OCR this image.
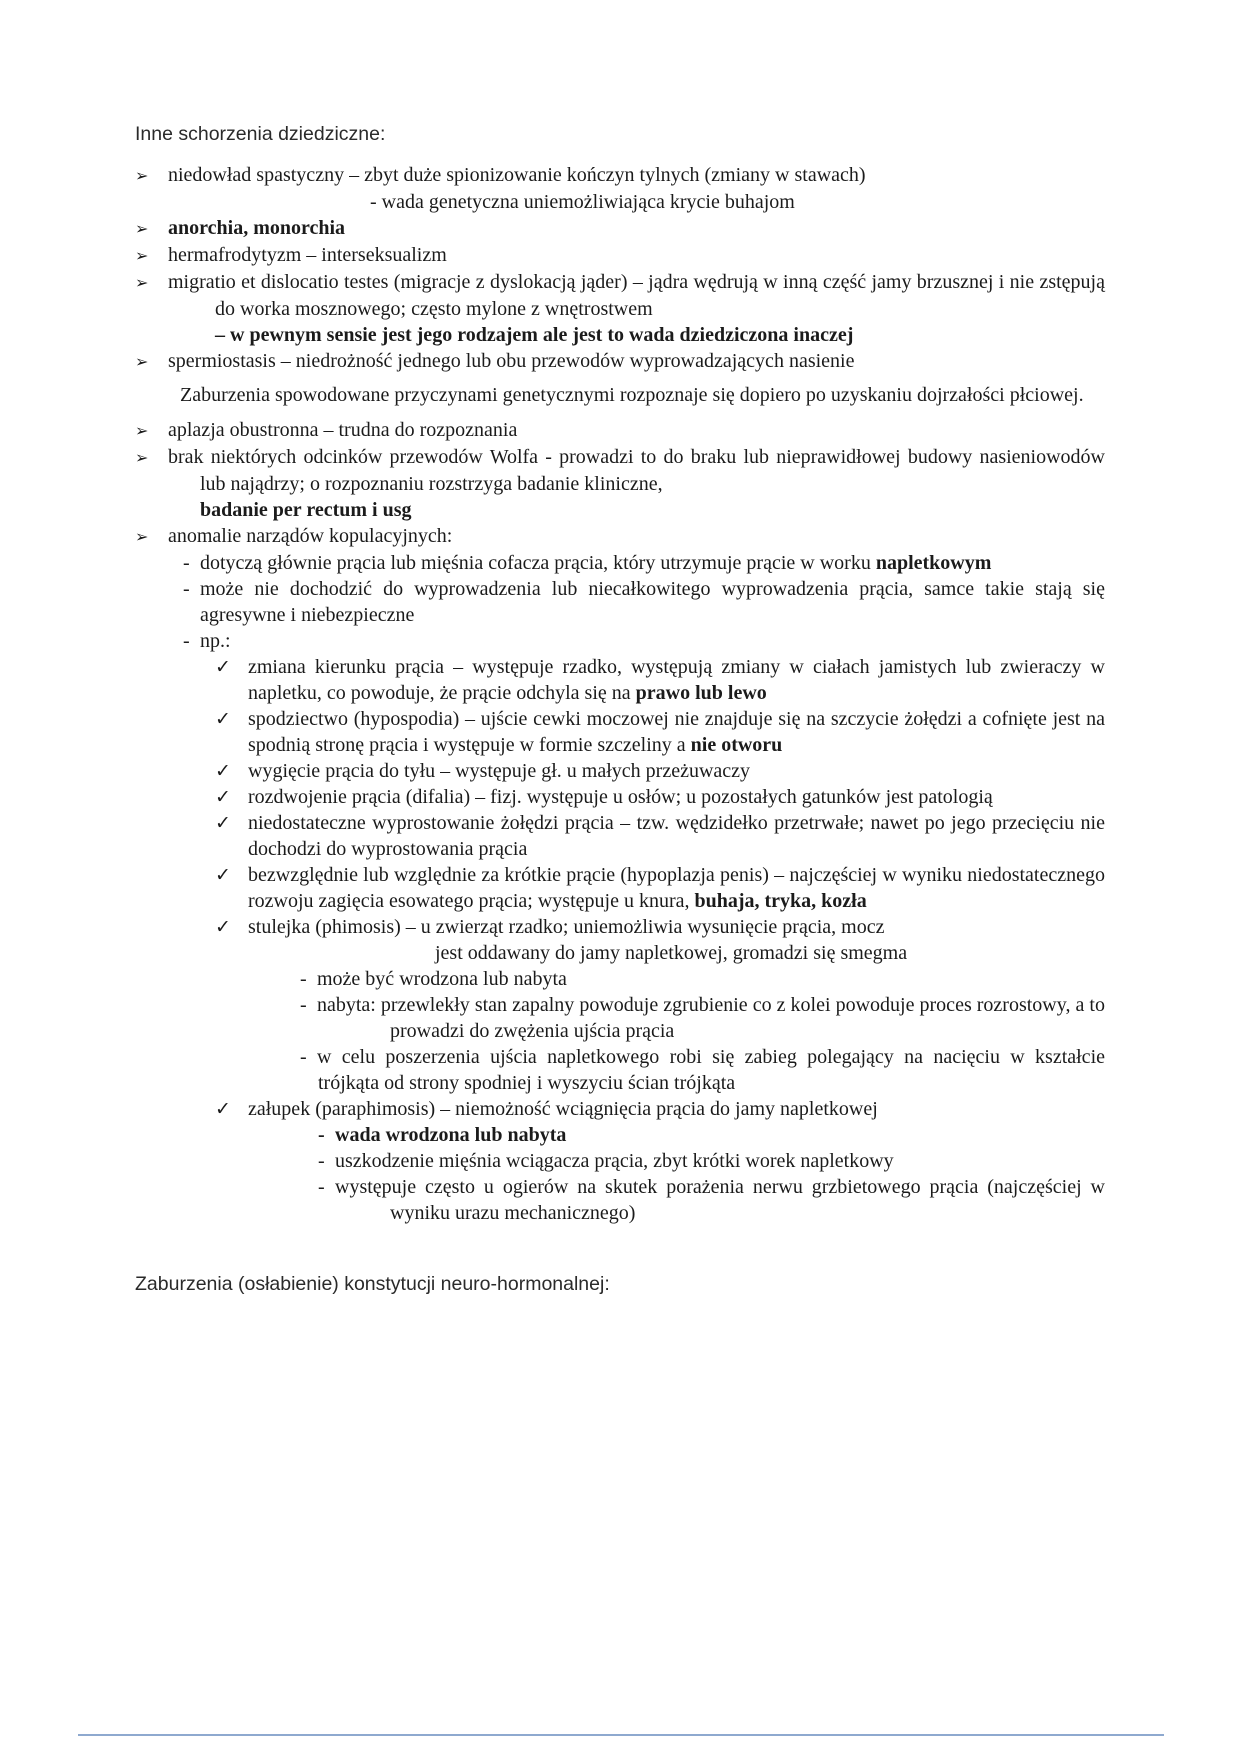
Inne schorzenia dziedziczne:
➢ niedowład spastyczny – zbyt duże spionizowanie kończyn tylnych (zmiany w stawach)
- wada genetyczna uniemożliwiająca krycie buhajom
➢ anorchia, monorchia
➢ hermafrodytyzm – interseksualizm
➢ migratio et dislocatio testes (migracje z dyslokacją jąder) – jądra wędrują w inną część jamy brzusznej i nie zstępują do worka mosznowego; często mylone z wnętrostwem
– w pewnym sensie jest jego rodzajem ale jest to wada dziedziczona inaczej
➢ spermiostasis – niedrożność jednego lub obu przewodów wyprowadzających nasienie
Zaburzenia spowodowane przyczynami genetycznymi rozpoznaje się dopiero po uzyskaniu dojrzałości płciowej.
➢ aplazja obustronna – trudna do rozpoznania
➢ brak niektórych odcinków przewodów Wolfa - prowadzi to do braku lub nieprawidłowej budowy nasieniowodów lub najądrzy; o rozpoznaniu rozstrzyga badanie kliniczne,
badanie per rectum i usg
➢ anomalie narządów kopulacyjnych:
- dotyczą głównie prącia lub mięśnia cofacza prącia, który utrzymuje prącie w worku napletkowym
- może nie dochodzić do wyprowadzenia lub niecałkowitego wyprowadzenia prącia, samce takie stają się agresywne i niebezpieczne
- np.:
✓ zmiana kierunku prącia – występuje rzadko, występują zmiany w ciałach jamistych lub zwieraczy w napletku, co powoduje, że prącie odchyla się na prawo lub lewo
✓ spodziectwo (hypospodia) – ujście cewki moczowej nie znajduje się na szczycie żołędzi a cofnięte jest na spodnią stronę prącia i występuje w formie szczeliny a nie otworu
✓ wygięcie prącia do tyłu – występuje gł. u małych przeżuwaczy
✓ rozdwojenie prącia (difalia) – fizj. występuje u osłów; u pozostałych gatunków jest patologią
✓ niedostateczne wyprostowanie żołędzi prącia – tzw. wędzidełko przetrwałe; nawet po jego przecięciu nie dochodzi do wyprostowania prącia
✓ bezwzględnie lub względnie za krótkie prącie (hypoplazja penis) – najczęściej w wyniku niedostatecznego rozwoju zagięcia esowatego prącia; występuje u knura, buhaja, tryka, kozła
✓ stulejka (phimosis) – u zwierząt rzadko; uniemożliwia wysunięcie prącia, mocz
jest oddawany do jamy napletkowej, gromadzi się smegma
- może być wrodzona lub nabyta
- nabyta: przewlekły stan zapalny powoduje zgrubienie co z kolei powoduje proces rozrostowy, a to prowadzi do zwężenia ujścia prącia
- w celu poszerzenia ujścia napletkowego robi się zabieg polegający na nacięciu w kształcie trójkąta od strony spodniej i wyszyciu ścian trójkąta
✓ załupek (paraphimosis) – niemożność wciągnięcia prącia do jamy napletkowej
- wada wrodzona lub nabyta
- uszkodzenie mięśnia wciągacza prącia, zbyt krótki worek napletkowy
- występuje często u ogierów na skutek porażenia nerwu grzbietowego prącia (najczęściej w wyniku urazu mechanicznego)
Zaburzenia (osłabienie) konstytucji neuro-hormonalnej:
